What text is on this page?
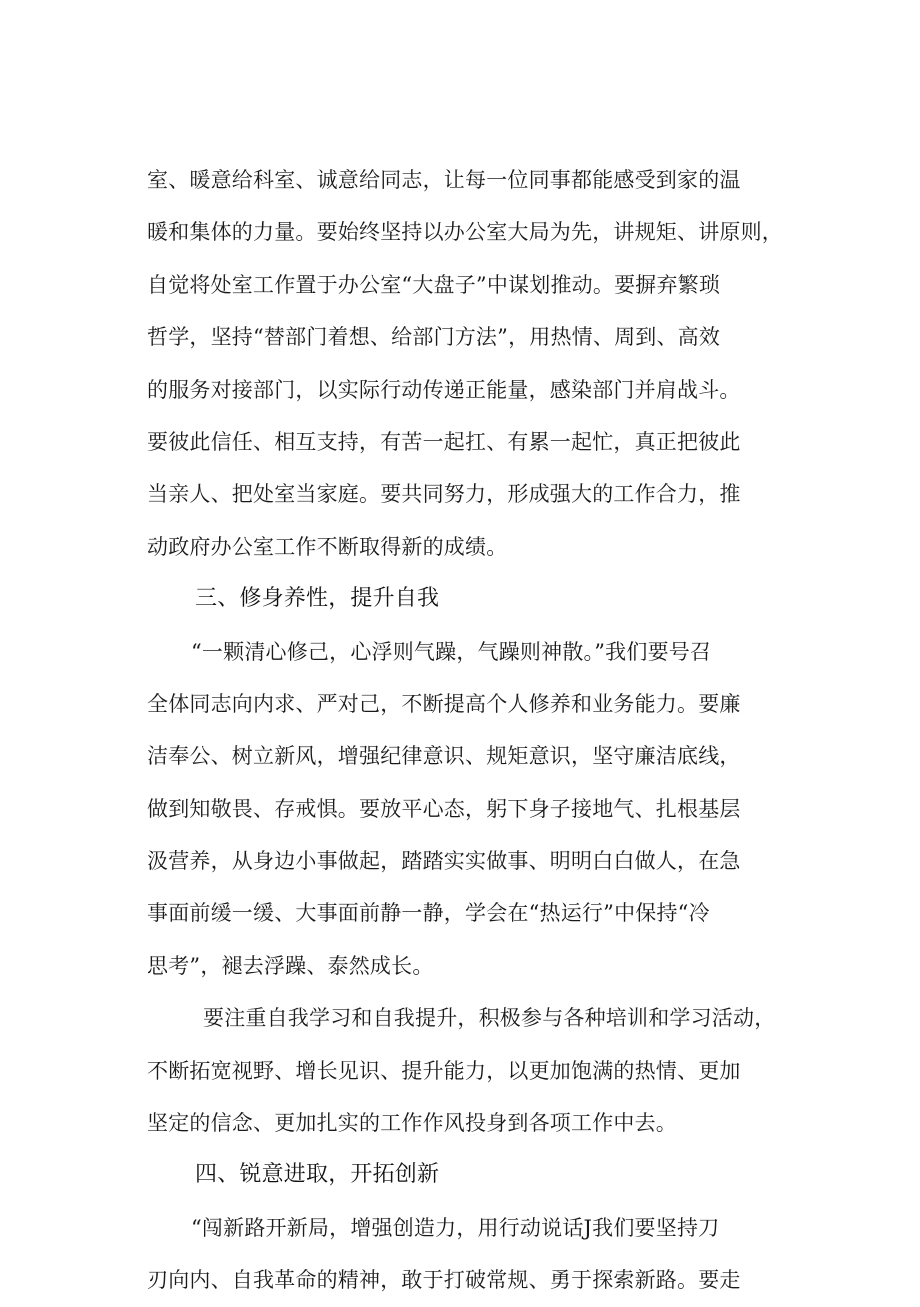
室、暖意给科室、诚意给同志，让每一位同事都能感受到家的温
暖和集体的力量。要始终坚持以办公室大局为先，讲规矩、讲原则，
自觉将处室工作置于办公室“大盘子”中谋划推动。要摒弃繁琐
哲学，坚持“替部门着想、给部门方法”，用热情、周到、高效
的服务对接部门，以实际行动传递正能量，感染部门并肩战斗。
要彼此信任、相互支持，有苦一起扛、有累一起忙，真正把彼此
当亲人、把处室当家庭。要共同努力，形成强大的工作合力，推
动政府办公室工作不断取得新的成绩。
三、修身养性，提升自我
“一颗清心修己，心浮则气躁，气躁则神散。”我们要号召
全体同志向内求、严对己，不断提高个人修养和业务能力。要廉
洁奉公、树立新风，增强纪律意识、规矩意识，坚守廉洁底线，
做到知敬畏、存戒惧。要放平心态，躬下身子接地气、扎根基层
汲营养，从身边小事做起，踏踏实实做事、明明白白做人，在急
事面前缓一缓、大事面前静一静，学会在“热运行”中保持“冷
思考”，褪去浮躁、泰然成长。
要注重自我学习和自我提升，积极参与各种培训和学习活动，
不断拓宽视野、增长见识、提升能力，以更加饱满的热情、更加
坚定的信念、更加扎实的工作作风投身到各项工作中去。
四、锐意进取，开拓创新
“闯新路开新局，增强创造力，用行动说话J我们要坚持刀
刃向内、自我革命的精神，敢于打破常规、勇于探索新路。要走
